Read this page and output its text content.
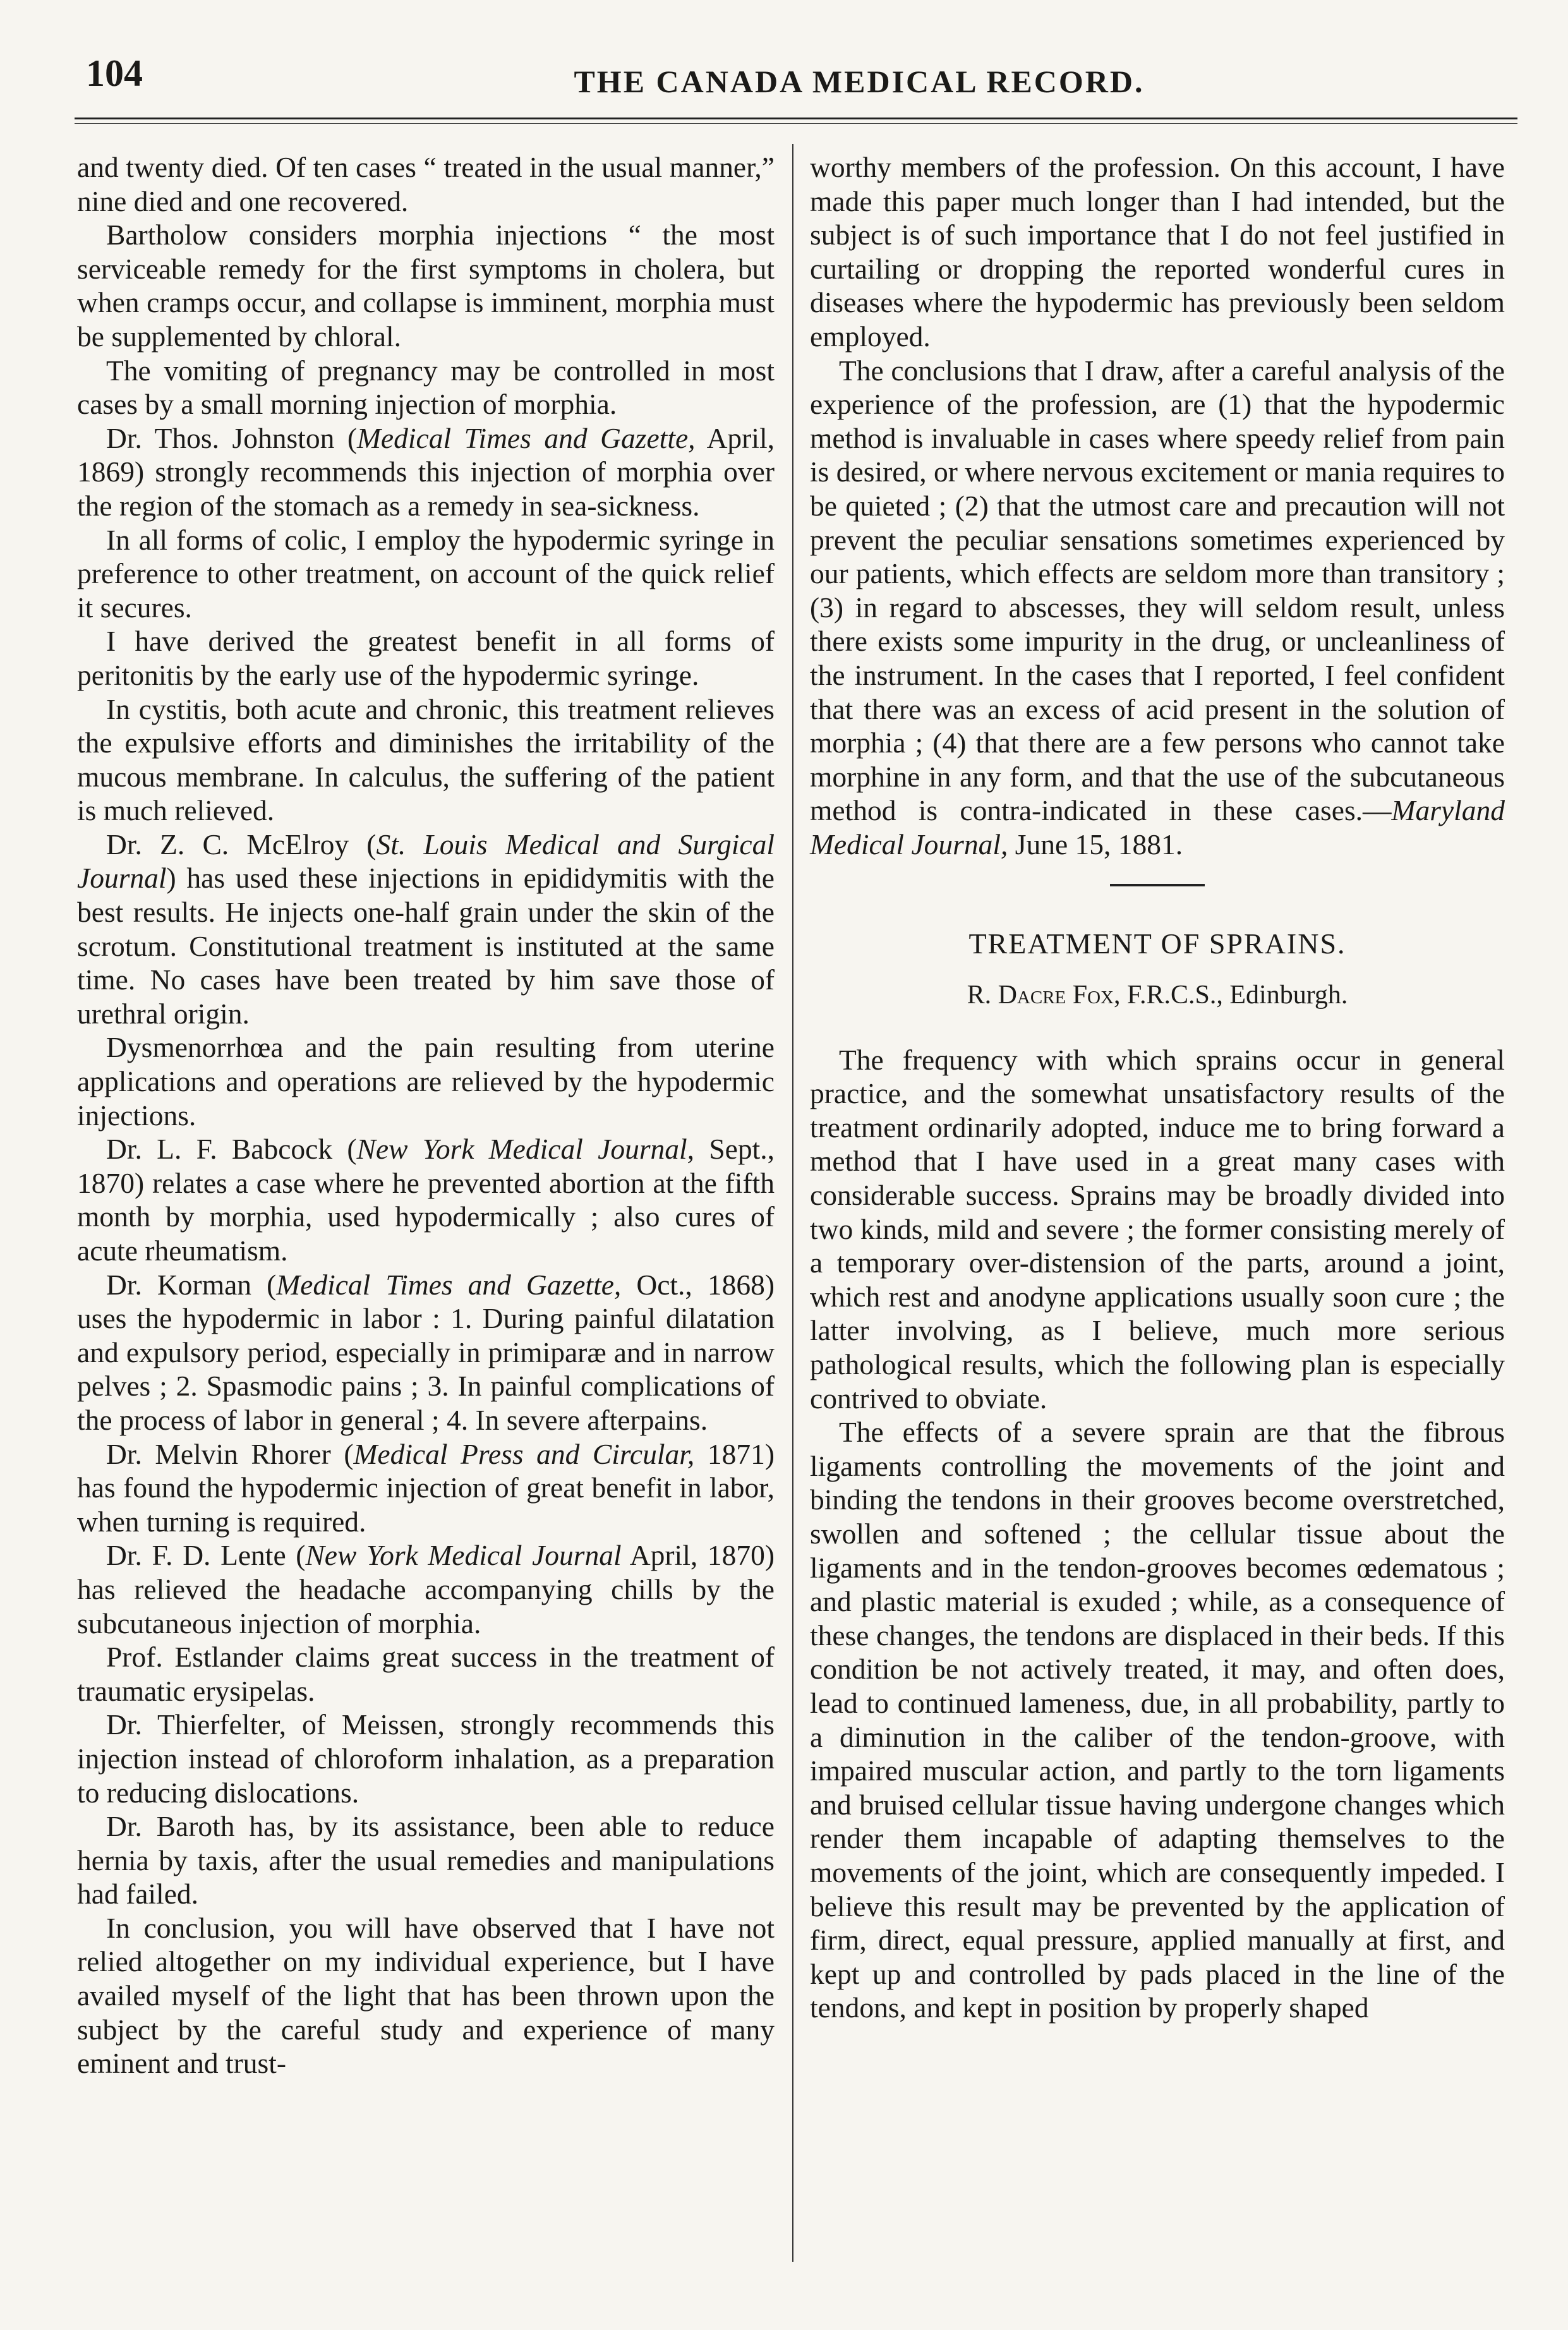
104	THE CANADA MEDICAL RECORD.

and twenty died. Of ten cases “ treated in the usual manner,” nine died and one recovered.

Bartholow considers morphia injections “ the most serviceable remedy for the first symptoms in cholera, but when cramps occur, and collapse is imminent, morphia must be supplemented by chloral.

The vomiting of pregnancy may be controlled in most cases by a small morning injection of morphia.

Dr. Thos. Johnston (Medical Times and Gazette, April, 1869) strongly recommends this injection of morphia over the region of the stomach as a remedy in sea-sickness.

In all forms of colic, I employ the hypodermic syringe in preference to other treatment, on account of the quick relief it secures.

I have derived the greatest benefit in all forms of peritonitis by the early use of the hypodermic syringe.

In cystitis, both acute and chronic, this treatment relieves the expulsive efforts and diminishes the irritability of the mucous membrane. In calculus, the suffering of the patient is much relieved.

Dr. Z. C. McElroy (St. Louis Medical and Surgical Journal) has used these injections in epididymitis with the best results. He injects one-half grain under the skin of the scrotum. Constitutional treatment is instituted at the same time. No cases have been treated by him save those of urethral origin.

Dysmenorrhœa and the pain resulting from uterine applications and operations are relieved by the hypodermic injections.

Dr. L. F. Babcock (New York Medical Journal, Sept., 1870) relates a case where he prevented abortion at the fifth month by morphia, used hypodermically ; also cures of acute rheumatism.

Dr. Korman (Medical Times and Gazette, Oct., 1868) uses the hypodermic in labor : 1. During painful dilatation and expulsory period, especially in primiparæ and in narrow pelves ; 2. Spasmodic pains ; 3. In painful complications of the process of labor in general ; 4. In severe afterpains.

Dr. Melvin Rhorer (Medical Press and Circular, 1871) has found the hypodermic injection of great benefit in labor, when turning is required.

Dr. F. D. Lente (New York Medical Journal April, 1870) has relieved the headache accompanying chills by the subcutaneous injection of morphia.

Prof. Estlander claims great success in the treatment of traumatic erysipelas.

Dr. Thierfelter, of Meissen, strongly recommends this injection instead of chloroform inhalation, as a preparation to reducing dislocations.

Dr. Baroth has, by its assistance, been able to reduce hernia by taxis, after the usual remedies and manipulations had failed.

In conclusion, you will have observed that I have not relied altogether on my individual experience, but I have availed myself of the light that has been thrown upon the subject by the careful study and experience of many eminent and trust-

worthy members of the profession. On this account, I have made this paper much longer than I had intended, but the subject is of such importance that I do not feel justified in curtailing or dropping the reported wonderful cures in diseases where the hypodermic has previously been seldom employed.

The conclusions that I draw, after a careful analysis of the experience of the profession, are (1) that the hypodermic method is invaluable in cases where speedy relief from pain is desired, or where nervous excitement or mania requires to be quieted ; (2) that the utmost care and precaution will not prevent the peculiar sensations sometimes experienced by our patients, which effects are seldom more than transitory ; (3) in regard to abscesses, they will seldom result, unless there exists some impurity in the drug, or uncleanliness of the instrument. In the cases that I reported, I feel confident that there was an excess of acid present in the solution of morphia ; (4) that there are a few persons who cannot take morphine in any form, and that the use of the subcutaneous method is contra-indicated in these cases.—Maryland Medical Journal, June 15, 1881.

TREATMENT OF SPRAINS.
R. Dacre Fox, F.R.C.S., Edinburgh.

The frequency with which sprains occur in general practice, and the somewhat unsatisfactory results of the treatment ordinarily adopted, induce me to bring forward a method that I have used in a great many cases with considerable success. Sprains may be broadly divided into two kinds, mild and severe ; the former consisting merely of a temporary over-distension of the parts, around a joint, which rest and anodyne applications usually soon cure ; the latter involving, as I believe, much more serious pathological results, which the following plan is especially contrived to obviate.

The effects of a severe sprain are that the fibrous ligaments controlling the movements of the joint and binding the tendons in their grooves become overstretched, swollen and softened ; the cellular tissue about the ligaments and in the tendon-grooves becomes œdematous ; and plastic material is exuded ; while, as a consequence of these changes, the tendons are displaced in their beds. If this condition be not actively treated, it may, and often does, lead to continued lameness, due, in all probability, partly to a diminution in the caliber of the tendon-groove, with impaired muscular action, and partly to the torn ligaments and bruised cellular tissue having undergone changes which render them incapable of adapting themselves to the movements of the joint, which are consequently impeded. I believe this result may be prevented by the application of firm, direct, equal pressure, applied manually at first, and kept up and controlled by pads placed in the line of the tendons, and kept in position by properly shaped
